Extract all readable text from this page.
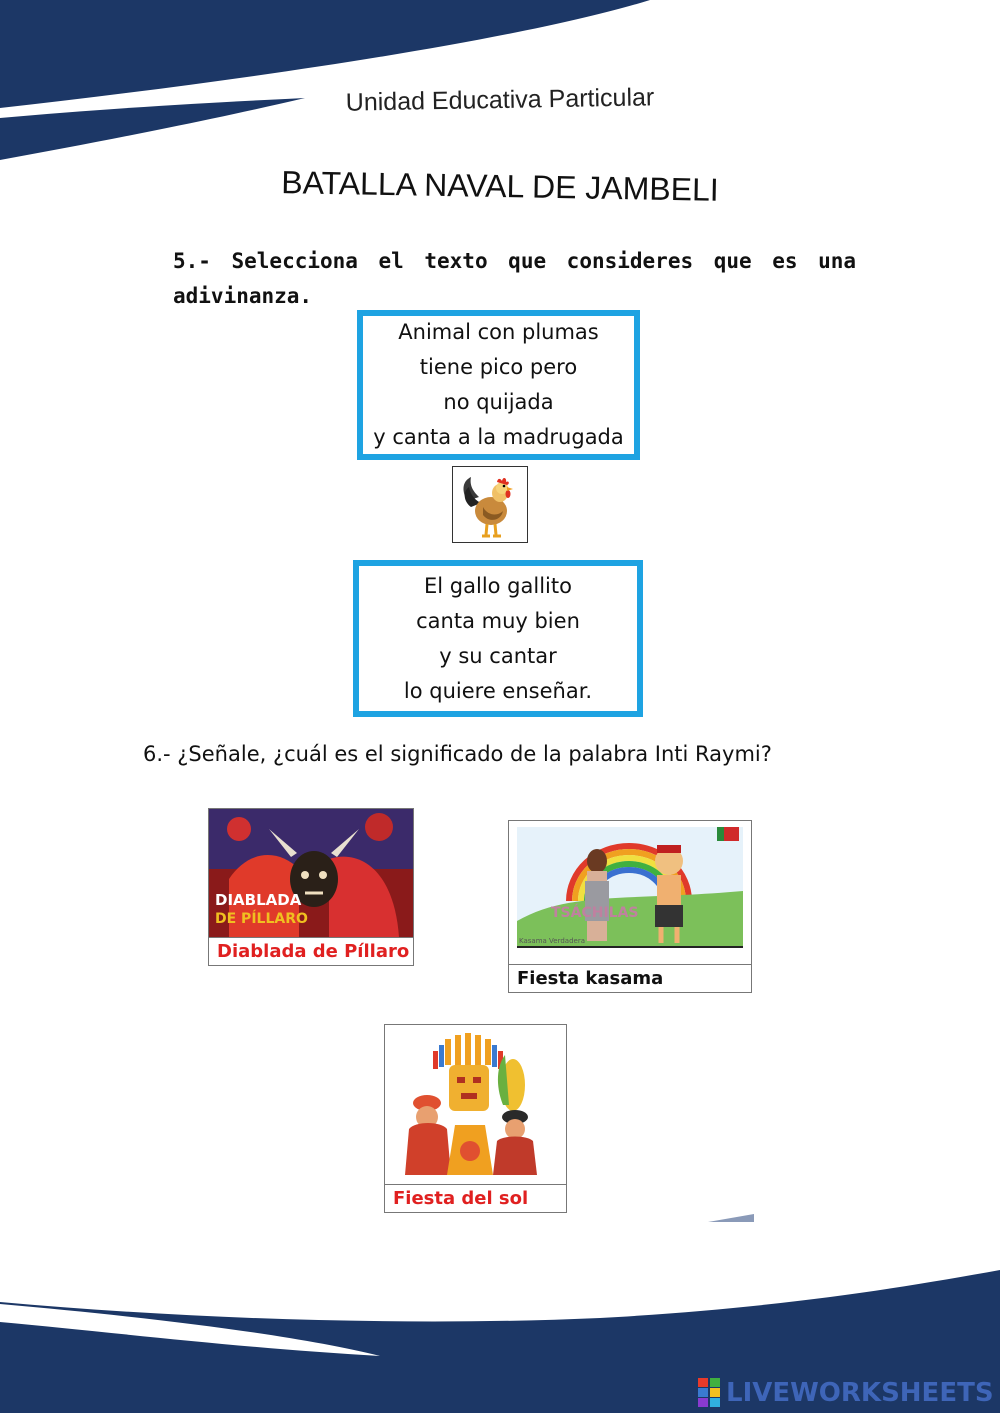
Unidad Educativa Particular
BATALLA NAVAL DE JAMBELI
5.- Selecciona el texto que consideres que es una adivinanza.
Animal con plumas
tiene pico pero
no quijada
y canta a la madrugada
El gallo gallito
canta muy bien
y su cantar
lo quiere enseñar.
6.- ¿Señale, ¿cuál es el significado de la palabra Inti Raymi?
DIABLADA
DE PÍLLARO
Diablada de Píllaro
TSÁCHILAS
Kasama Verdadera
Fiesta kasama
Fiesta del sol
LIVEWORKSHEETS
